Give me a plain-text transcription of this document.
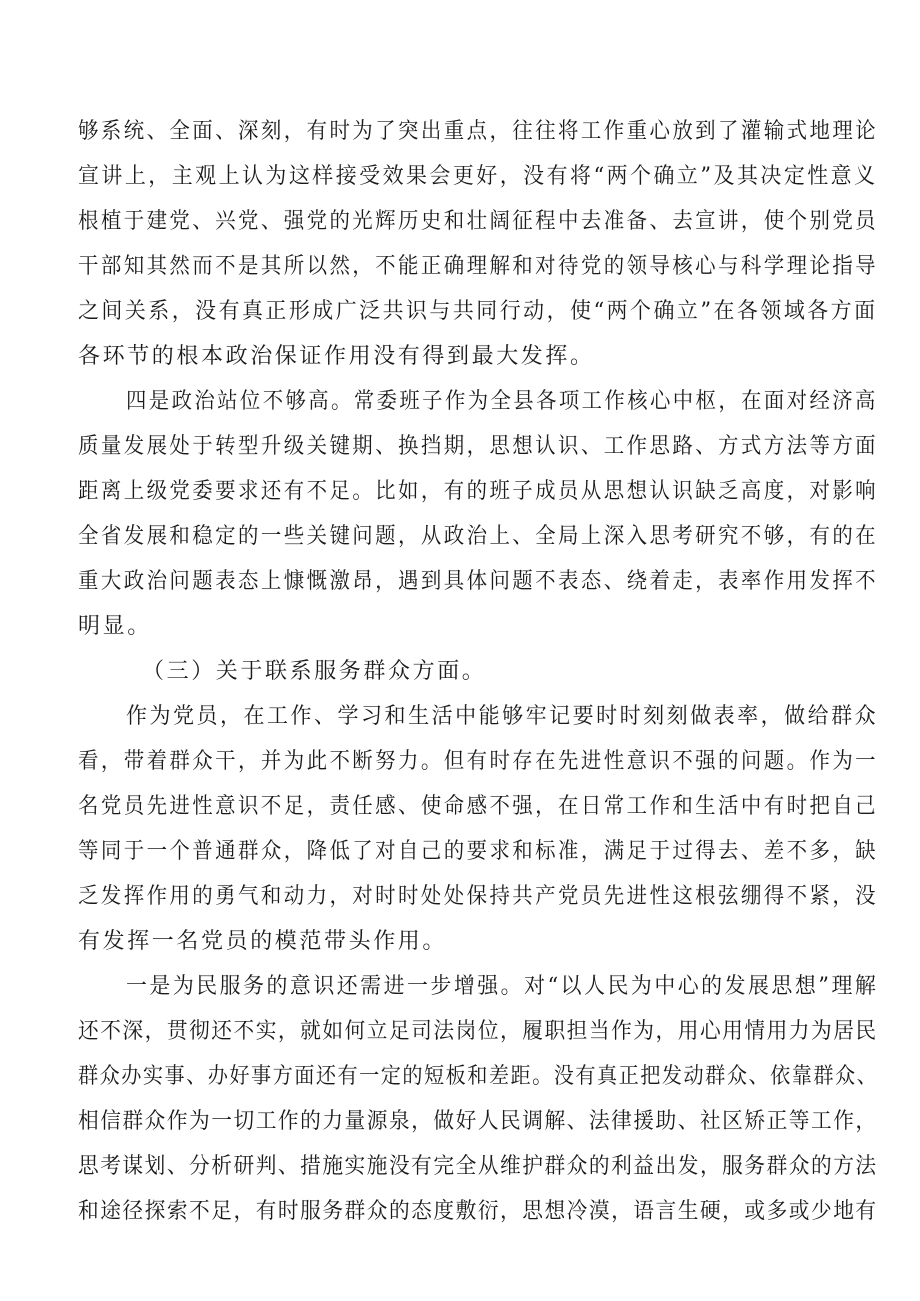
够系统、全面、深刻，有时为了突出重点，往往将工作重心放到了灌输式地理论
宣讲上，主观上认为这样接受效果会更好，没有将“两个确立”及其决定性意义
根植于建党、兴党、强党的光辉历史和壮阔征程中去准备、去宣讲，使个别党员
干部知其然而不是其所以然，不能正确理解和对待党的领导核心与科学理论指导
之间关系，没有真正形成广泛共识与共同行动，使“两个确立”在各领域各方面
各环节的根本政治保证作用没有得到最大发挥。
四是政治站位不够高。常委班子作为全县各项工作核心中枢，在面对经济高
质量发展处于转型升级关键期、换挡期，思想认识、工作思路、方式方法等方面
距离上级党委要求还有不足。比如，有的班子成员从思想认识缺乏高度，对影响
全省发展和稳定的一些关键问题，从政治上、全局上深入思考研究不够，有的在
重大政治问题表态上慷慨激昂，遇到具体问题不表态、绕着走，表率作用发挥不
明显。
（三）关于联系服务群众方面。
作为党员，在工作、学习和生活中能够牢记要时时刻刻做表率，做给群众
看，带着群众干，并为此不断努力。但有时存在先进性意识不强的问题。作为一
名党员先进性意识不足，责任感、使命感不强，在日常工作和生活中有时把自己
等同于一个普通群众，降低了对自己的要求和标准，满足于过得去、差不多，缺
乏发挥作用的勇气和动力，对时时处处保持共产党员先进性这根弦绷得不紧，没
有发挥一名党员的模范带头作用。
一是为民服务的意识还需进一步增强。对“以人民为中心的发展思想”理解
还不深，贯彻还不实，就如何立足司法岗位，履职担当作为，用心用情用力为居民
群众办实事、办好事方面还有一定的短板和差距。没有真正把发动群众、依靠群众、
相信群众作为一切工作的力量源泉，做好人民调解、法律援助、社区矫正等工作，
思考谋划、分析研判、措施实施没有完全从维护群众的利益出发，服务群众的方法
和途径探索不足，有时服务群众的态度敷衍，思想冷漠，语言生硬，或多或少地有
